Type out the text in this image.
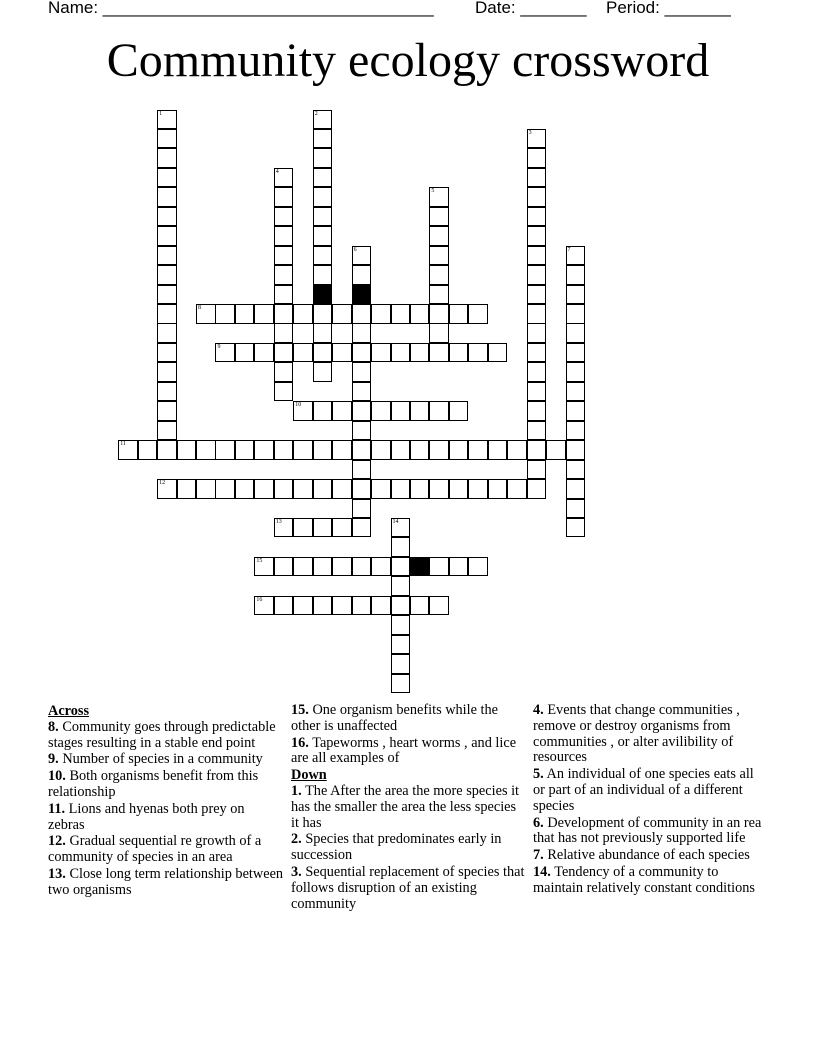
Name: ___________________________________

Date: _______

Period: _______

Community ecology crossword
1	2
3
4
5
6	7
8
9
10
11
12
13	14
15
16
Across
8. Community goes through predictable stages resulting in a stable end point
9. Number of species in a community
10. Both organisms benefit from this relationship
11. Lions and hyenas both prey on zebras
12. Gradual sequential re growth of a community of species in an area
13. Close long term relationship between two organisms
15. One organism benefits while the other is unaffected
16. Tapeworms , heart worms , and lice are all examples of
Down
1. The After the area the more species it has the smaller the area the less species it has
2. Species that predominates early in succession
3. Sequential replacement of species that follows disruption of an existing community
4. Events that change communities , remove or destroy organisms from communities , or alter avilibility of resources
5. An individual of one species eats all or part of an individual of a different species
6. Development of community in an rea that has not previously supported life
7. Relative abundance of each species
14. Tendency of a community to maintain relatively constant conditions
